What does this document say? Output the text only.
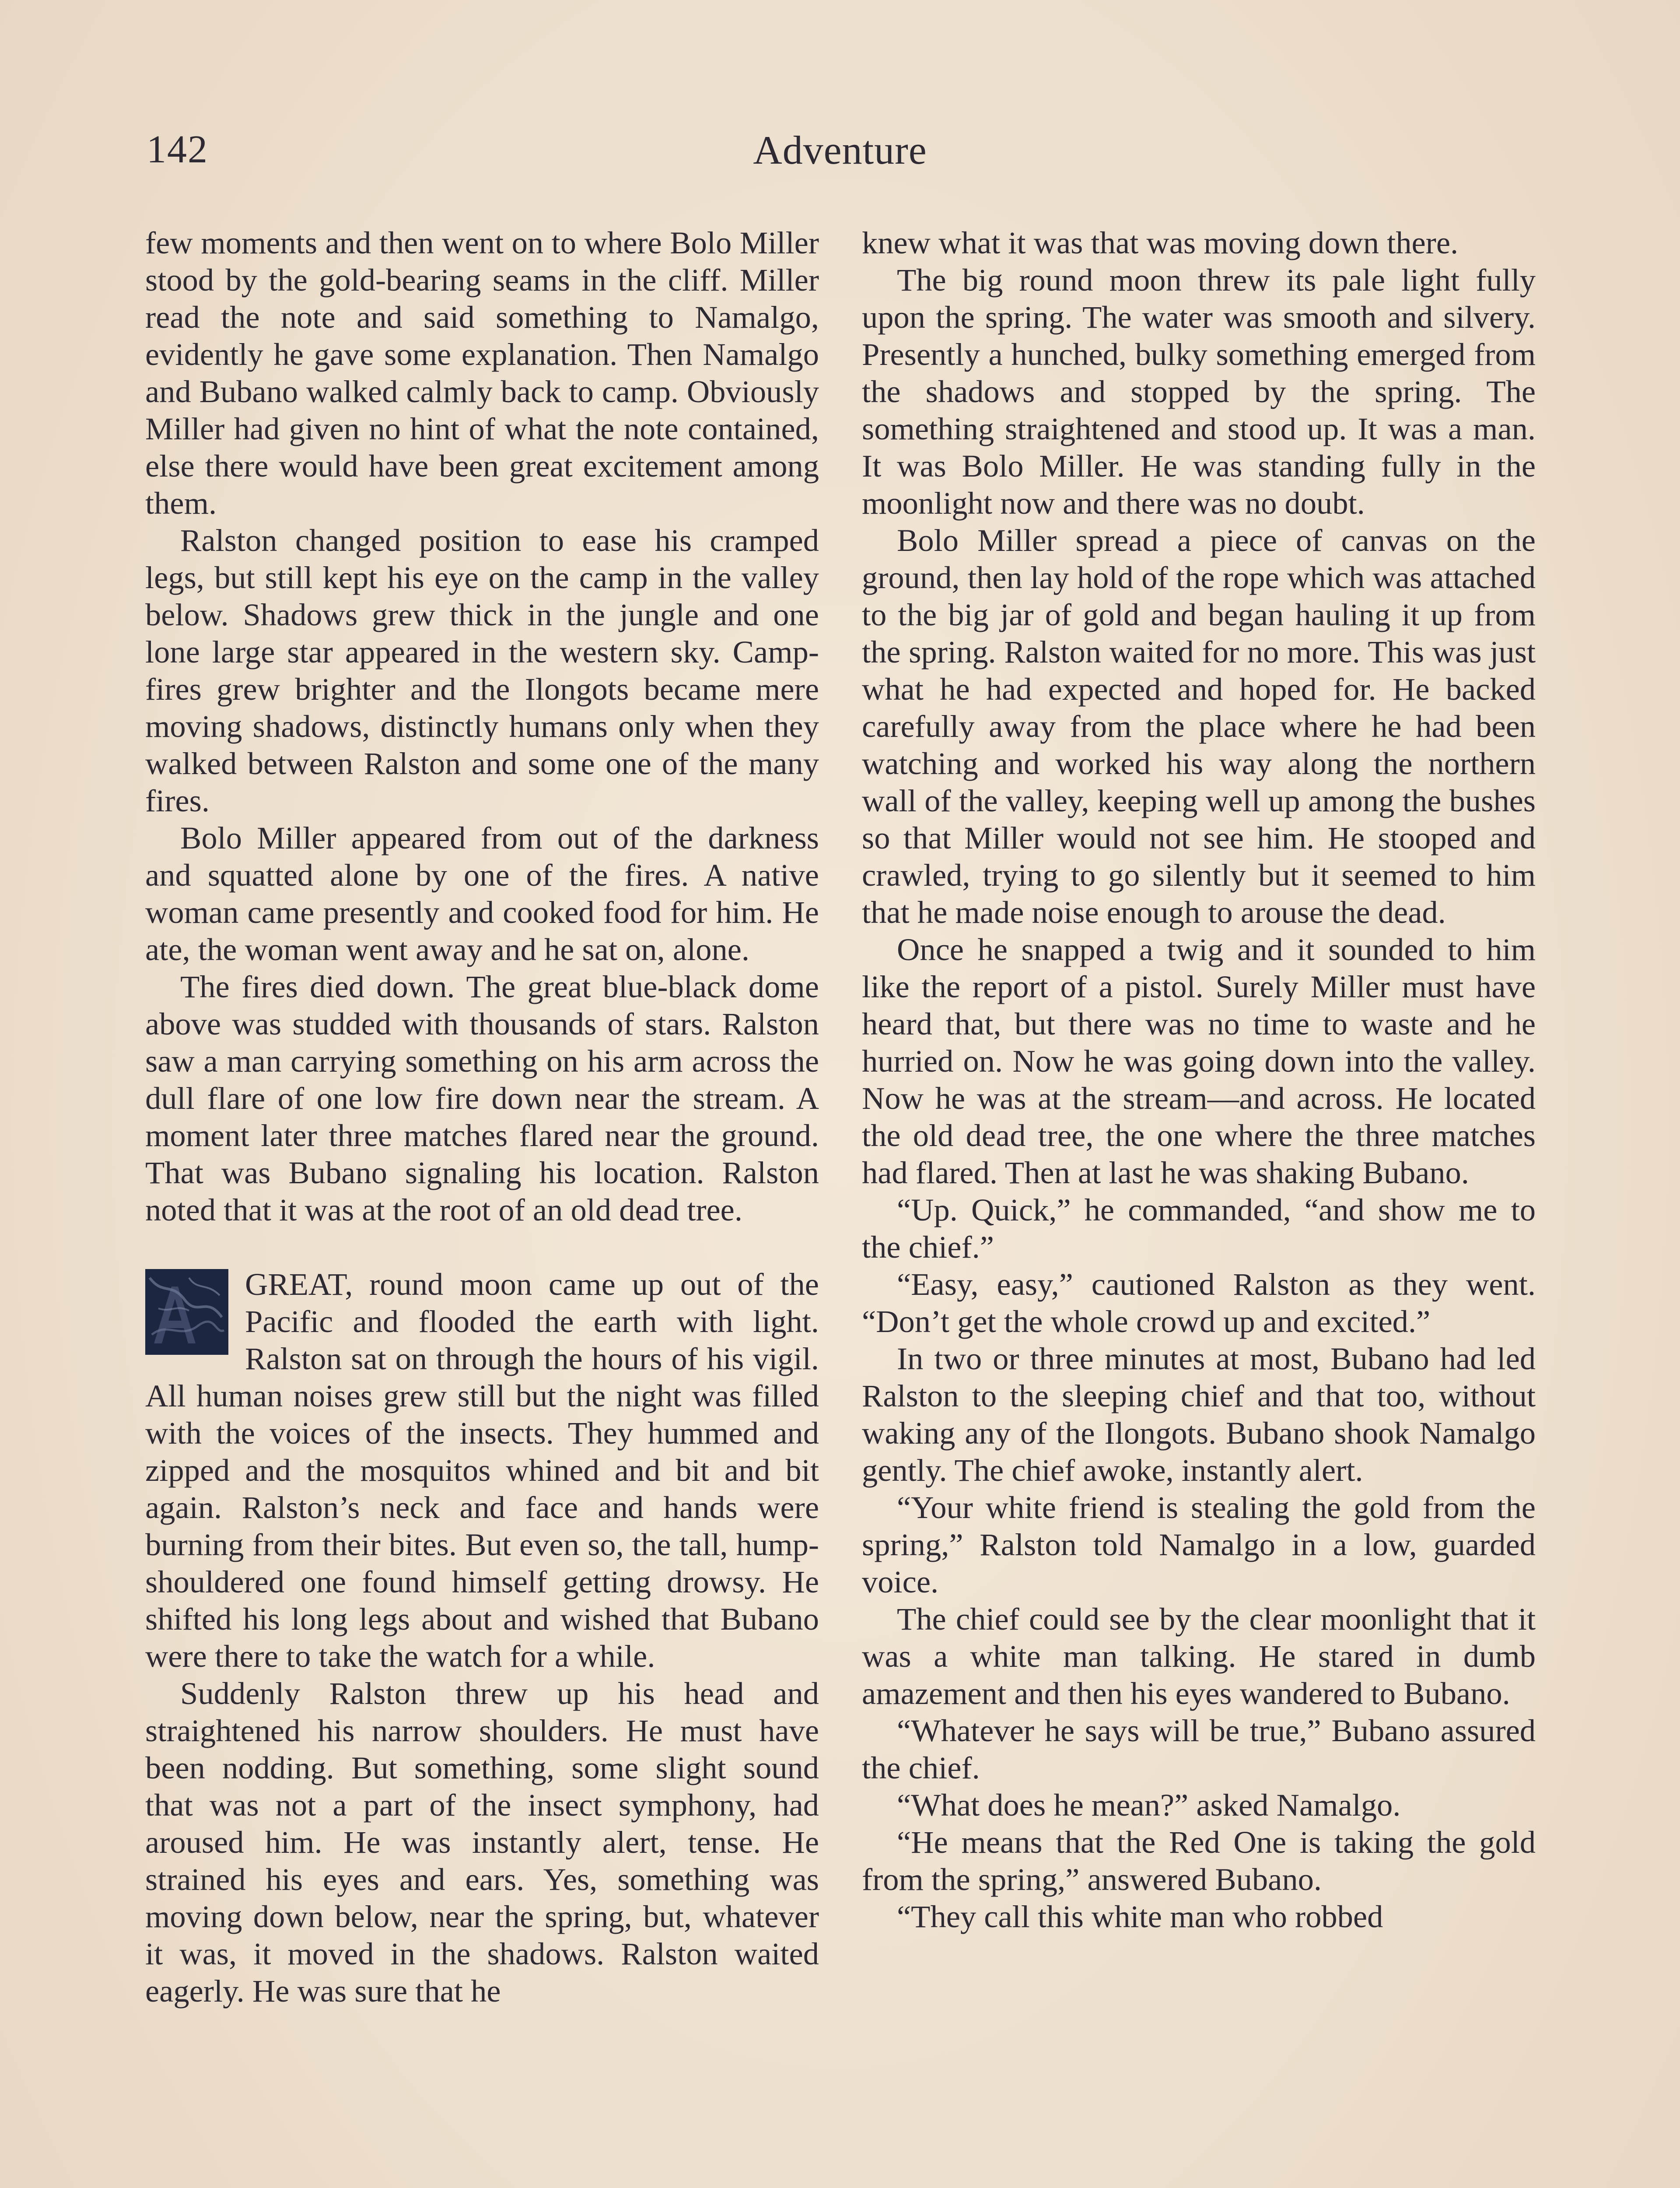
142	Adventure

few moments and then went on to where Bolo Miller stood by the gold-bearing seams in the cliff. Miller read the note and said something to Namalgo, evidently he gave some explanation. Then Namalgo and Bubano walked calmly back to camp. Obviously Miller had given no hint of what the note contained, else there would have been great excitement among them.

Ralston changed position to ease his cramped legs, but still kept his eye on the camp in the valley below. Shadows grew thick in the jungle and one lone large star appeared in the western sky. Camp-fires grew brighter and the Ilongots became mere moving shadows, distinctly humans only when they walked between Ralston and some one of the many fires.

Bolo Miller appeared from out of the darkness and squatted alone by one of the fires. A native woman came presently and cooked food for him. He ate, the woman went away and he sat on, alone.

The fires died down. The great blue-black dome above was studded with thousands of stars. Ralston saw a man carrying something on his arm across the dull flare of one low fire down near the stream. A moment later three matches flared near the ground. That was Bubano signaling his location. Ralston noted that it was at the root of an old dead tree.

GREAT, round moon came up out of the Pacific and flooded the earth with light. Ralston sat on through the hours of his vigil. All human noises grew still but the night was filled with the voices of the insects. They hummed and zipped and the mosquitos whined and bit and bit again. Ralston’s neck and face and hands were burning from their bites. But even so, the tall, hump-shouldered one found himself getting drowsy. He shifted his long legs about and wished that Bubano were there to take the watch for a while.

Suddenly Ralston threw up his head and straightened his narrow shoulders. He must have been nodding. But something, some slight sound that was not a part of the insect symphony, had aroused him. He was instantly alert, tense. He strained his eyes and ears. Yes, something was moving down below, near the spring, but, whatever it was, it moved in the shadows. Ralston waited eagerly. He was sure that he

knew what it was that was moving down there.

The big round moon threw its pale light fully upon the spring. The water was smooth and silvery. Presently a hunched, bulky something emerged from the shadows and stopped by the spring. The something straightened and stood up. It was a man. It was Bolo Miller. He was standing fully in the moonlight now and there was no doubt.

Bolo Miller spread a piece of canvas on the ground, then lay hold of the rope which was attached to the big jar of gold and began hauling it up from the spring. Ralston waited for no more. This was just what he had expected and hoped for. He backed carefully away from the place where he had been watching and worked his way along the northern wall of the valley, keeping well up among the bushes so that Miller would not see him. He stooped and crawled, trying to go silently but it seemed to him that he made noise enough to arouse the dead.

Once he snapped a twig and it sounded to him like the report of a pistol. Surely Miller must have heard that, but there was no time to waste and he hurried on. Now he was going down into the valley. Now he was at the stream—and across. He located the old dead tree, the one where the three matches had flared. Then at last he was shaking Bubano.

“Up. Quick,” he commanded, “and show me to the chief.”

“Easy, easy,” cautioned Ralston as they went. “Don’t get the whole crowd up and excited.”

In two or three minutes at most, Bubano had led Ralston to the sleeping chief and that too, without waking any of the Ilongots. Bubano shook Namalgo gently. The chief awoke, instantly alert.

“Your white friend is stealing the gold from the spring,” Ralston told Namalgo in a low, guarded voice.

The chief could see by the clear moonlight that it was a white man talking. He stared in dumb amazement and then his eyes wandered to Bubano.

“Whatever he says will be true,” Bubano assured the chief.

“What does he mean?” asked Namalgo.

“He means that the Red One is taking the gold from the spring,” answered Bubano.

“They call this white man who robbed
